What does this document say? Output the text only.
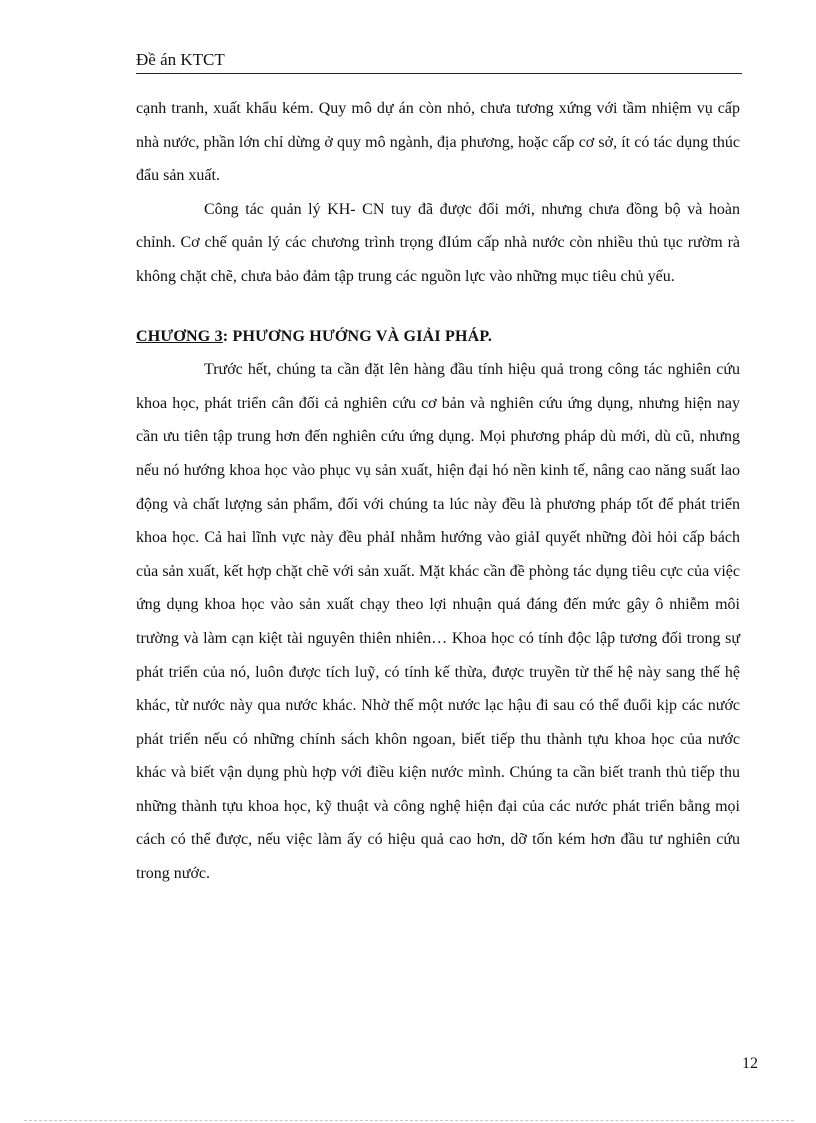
Đề án KTCT

cạnh tranh, xuất khẩu kém. Quy mô dự án còn nhỏ, chưa tương xứng với tầm nhiệm vụ cấp nhà nước, phần lớn chỉ dừng ở quy mô ngành, địa phương, hoặc cấp cơ sở, ít có tác dụng thúc đẩu sản xuất.

Công tác quản lý KH- CN tuy đã được đổi mới, nhưng chưa đồng bộ và hoàn chỉnh. Cơ chế quản lý các chương trình trọng đIúm cấp nhà nước còn nhiều thủ tục rườm rà không chặt chẽ, chưa bảo đảm tập trung các nguồn lực vào những mục tiêu chủ yếu.

CHƯƠNG 3: PHƯƠNG HƯỚNG VÀ GIẢI PHÁP.

Trước hết, chúng ta cần đặt lên hàng đầu tính hiệu quả trong công tác nghiên cứu khoa học, phát triển cân đối cả nghiên cứu cơ bản và nghiên cứu ứng dụng, nhưng hiện nay cần ưu tiên tập trung hơn đến nghiên cứu ứng dụng. Mọi phương pháp dù mới, dù cũ, nhưng nếu nó hướng khoa học vào phục vụ sản xuất, hiện đại hó nền kinh tế, nâng cao năng suất lao động và chất lượng sản phẩm, đối với chúng ta lúc này đều là phương pháp tốt để phát triển khoa học. Cả hai lĩnh vực này đều phảI nhằm hướng vào giảI quyết những đòi hỏi cấp bách của sản xuất, kết hợp chặt chẽ với sản xuất. Mặt khác cần đề phòng tác dụng tiêu cực của việc ứng dụng khoa học vào sản xuất chạy theo lợi nhuận quá đáng đến mức gây ô nhiễm môi trường và làm cạn kiệt tài nguyên thiên nhiên… Khoa học có tính độc lập tương đối trong sự phát triển của nó, luôn được tích luỹ, có tính kế thừa, được truyền từ thế hệ này sang thế hệ khác, từ nước này qua nước khác. Nhờ thế một nước lạc hậu đi sau có thể đuổi kịp các nước phát triển nếu có những chính sách khôn ngoan, biết tiếp thu thành tựu khoa học của nước khác và biết vận dụng phù hợp với điều kiện nước mình. Chúng ta cần biết tranh thủ tiếp thu những thành tựu khoa học, kỹ thuật và công nghệ hiện đại của các nước phát triển bằng mọi cách có thể được, nếu việc làm ấy có hiệu quả cao hơn, dỡ tốn kém hơn đầu tư nghiên cứu trong nước.

12
